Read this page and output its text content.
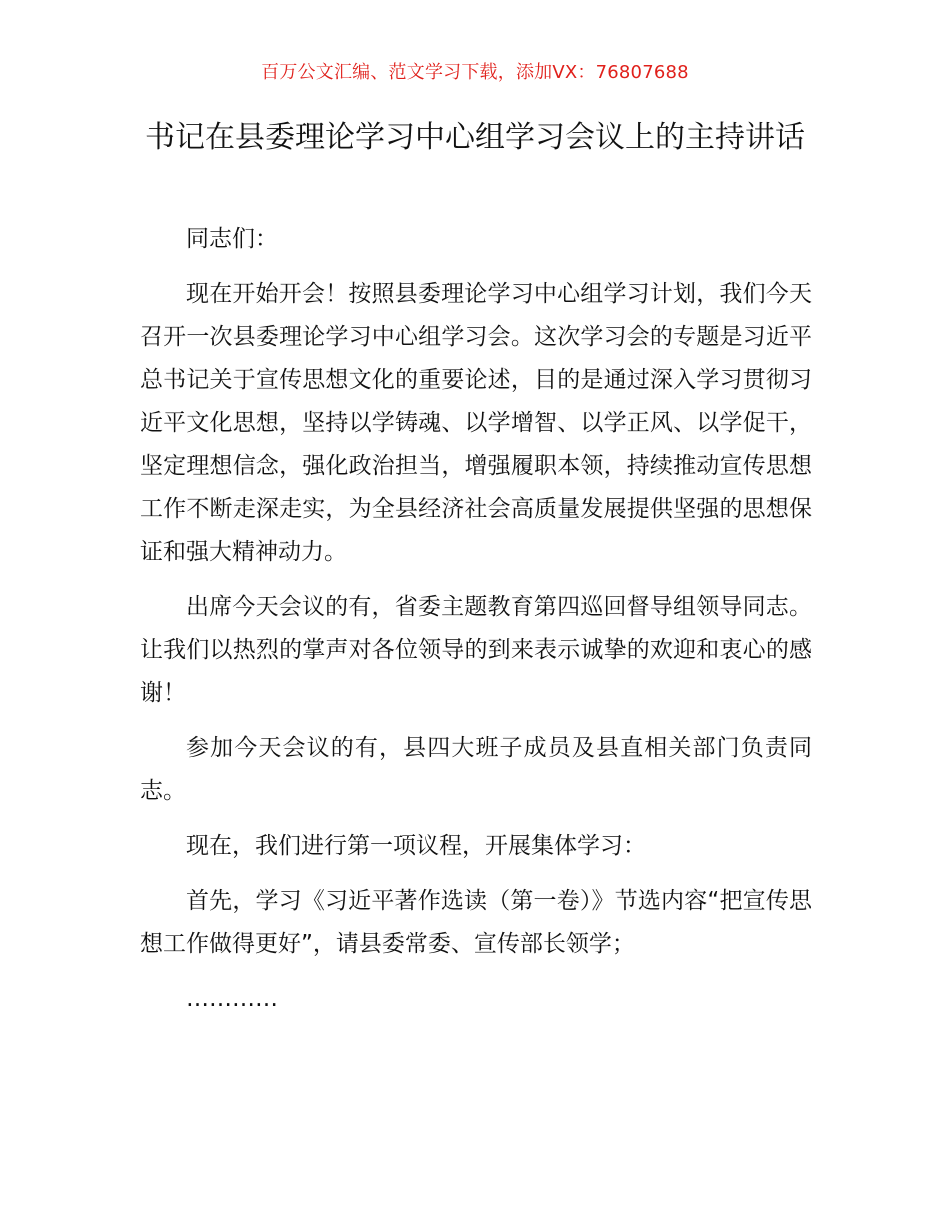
百万公文汇编、范文学习下载，添加VX：76807688
书记在县委理论学习中心组学习会议上的主持讲话

同志们：

现在开始开会！按照县委理论学习中心组学习计划，我们今天召开一次县委理论学习中心组学习会。这次学习会的专题是习近平总书记关于宣传思想文化的重要论述，目的是通过深入学习贯彻习近平文化思想，坚持以学铸魂、以学增智、以学正风、以学促干，坚定理想信念，强化政治担当，增强履职本领，持续推动宣传思想工作不断走深走实，为全县经济社会高质量发展提供坚强的思想保证和强大精神动力。

出席今天会议的有，省委主题教育第四巡回督导组领导同志。让我们以热烈的掌声对各位领导的到来表示诚挚的欢迎和衷心的感谢！

参加今天会议的有，县四大班子成员及县直相关部门负责同志。

现在，我们进行第一项议程，开展集体学习：

首先，学习《习近平著作选读（第一卷）》节选内容“把宣传思想工作做得更好”，请县委常委、宣传部长领学；

…………
